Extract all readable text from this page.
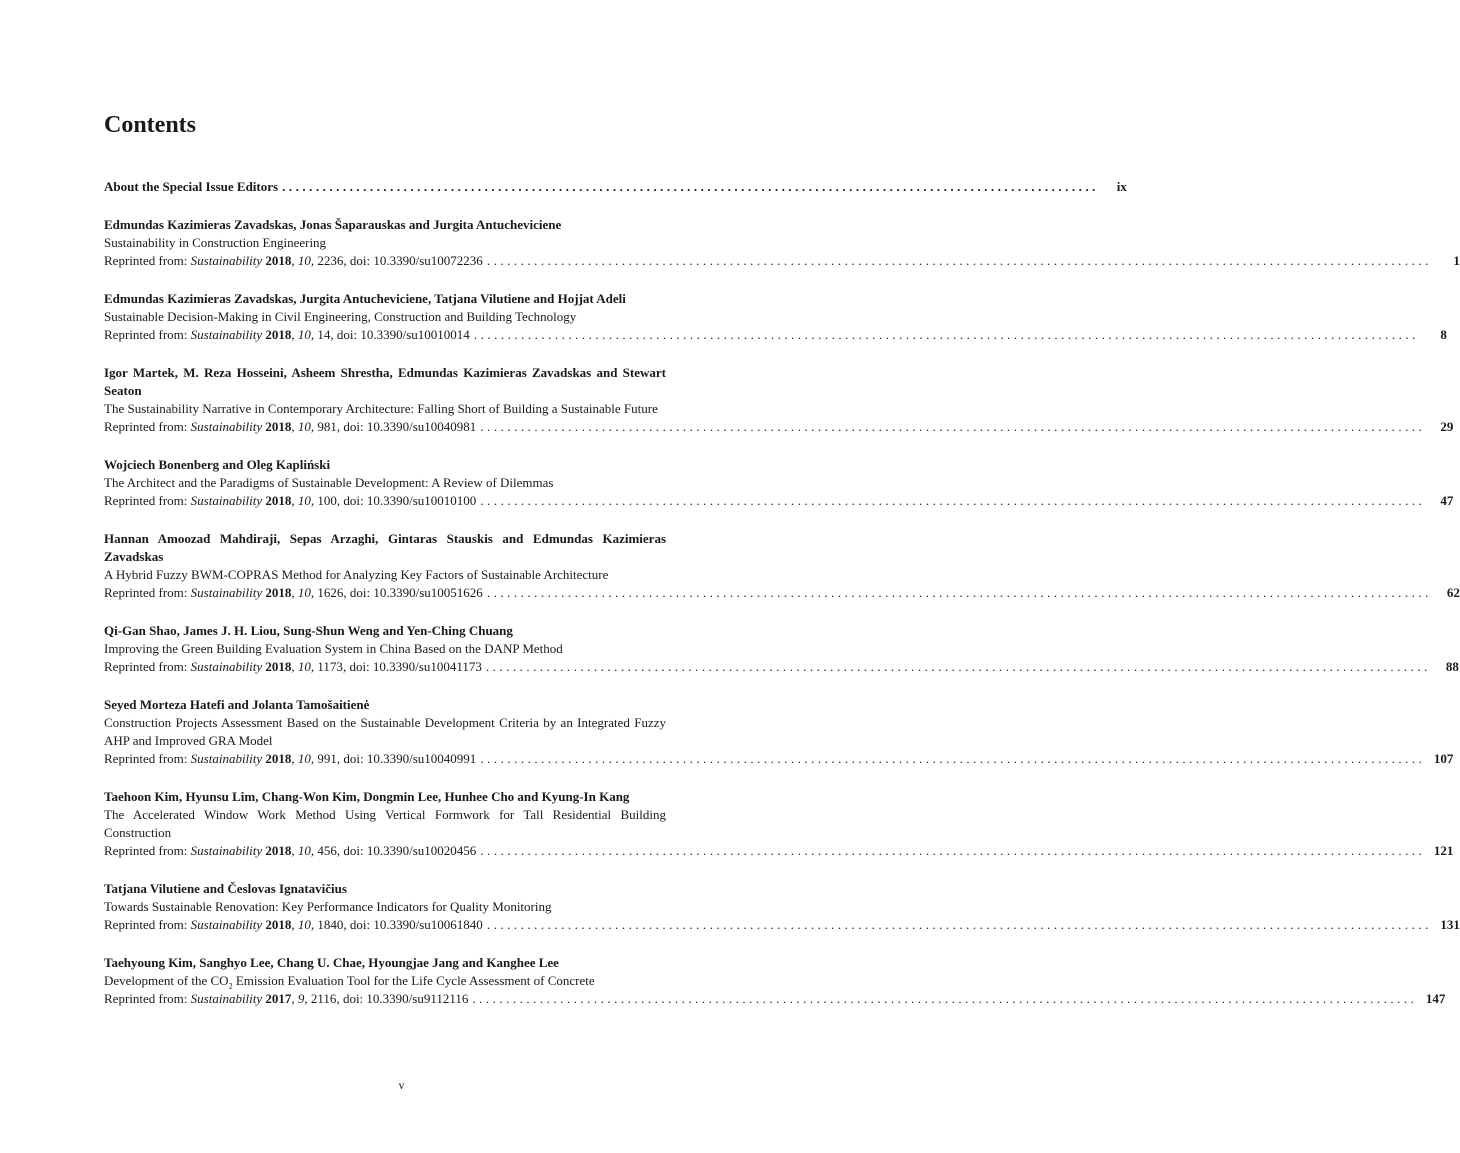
Contents
About the Special Issue Editors .........................................................................................................................	ix
Edmundas Kazimieras Zavadskas, Jonas Šaparauskas and Jurgita Antucheviciene
Sustainability in Construction Engineering
Reprinted from: Sustainability 2018, 10, 2236, doi: 10.3390/su10072236 ............................................................................................................................................	1
Edmundas Kazimieras Zavadskas, Jurgita Antucheviciene, Tatjana Vilutiene and Hojjat Adeli
Sustainable Decision-Making in Civil Engineering, Construction and Building Technology
Reprinted from: Sustainability 2018, 10, 14, doi: 10.3390/su10010014 ............................................................................................................................................	8
Igor Martek, M. Reza Hosseini, Asheem Shrestha, Edmundas Kazimieras Zavadskas and Stewart Seaton
The Sustainability Narrative in Contemporary Architecture: Falling Short of Building a Sustainable Future
Reprinted from: Sustainability 2018, 10, 981, doi: 10.3390/su10040981 ............................................................................................................................................	29
Wojciech Bonenberg and Oleg Kapliński
The Architect and the Paradigms of Sustainable Development: A Review of Dilemmas
Reprinted from: Sustainability 2018, 10, 100, doi: 10.3390/su10010100 ............................................................................................................................................	47
Hannan Amoozad Mahdiraji, Sepas Arzaghi, Gintaras Stauskis and Edmundas Kazimieras Zavadskas
A Hybrid Fuzzy BWM-COPRAS Method for Analyzing Key Factors of Sustainable Architecture
Reprinted from: Sustainability 2018, 10, 1626, doi: 10.3390/su10051626 ............................................................................................................................................	62
Qi-Gan Shao, James J. H. Liou, Sung-Shun Weng and Yen-Ching Chuang
Improving the Green Building Evaluation System in China Based on the DANP Method
Reprinted from: Sustainability 2018, 10, 1173, doi: 10.3390/su10041173 ............................................................................................................................................	88
Seyed Morteza Hatefi and Jolanta Tamošaitienė
Construction Projects Assessment Based on the Sustainable Development Criteria by an Integrated Fuzzy AHP and Improved GRA Model
Reprinted from: Sustainability 2018, 10, 991, doi: 10.3390/su10040991 ............................................................................................................................................ 107
Taehoon Kim, Hyunsu Lim, Chang-Won Kim, Dongmin Lee, Hunhee Cho and Kyung-In Kang
The Accelerated Window Work Method Using Vertical Formwork for Tall Residential Building Construction
Reprinted from: Sustainability 2018, 10, 456, doi: 10.3390/su10020456 ............................................................................................................................................ 121
Tatjana Vilutiene and Česlovas Ignatavičius
Towards Sustainable Renovation: Key Performance Indicators for Quality Monitoring
Reprinted from: Sustainability 2018, 10, 1840, doi: 10.3390/su10061840 ............................................................................................................................................ 131
Taehyoung Kim, Sanghyo Lee, Chang U. Chae, Hyoungjae Jang and Kanghee Lee
Development of the $CO_2$ Emission Evaluation Tool for the Life Cycle Assessment of Concrete
Reprinted from: Sustainability 2017, 9, 2116, doi: 10.3390/su9112116 ............................................................................................................................................ 147
v
